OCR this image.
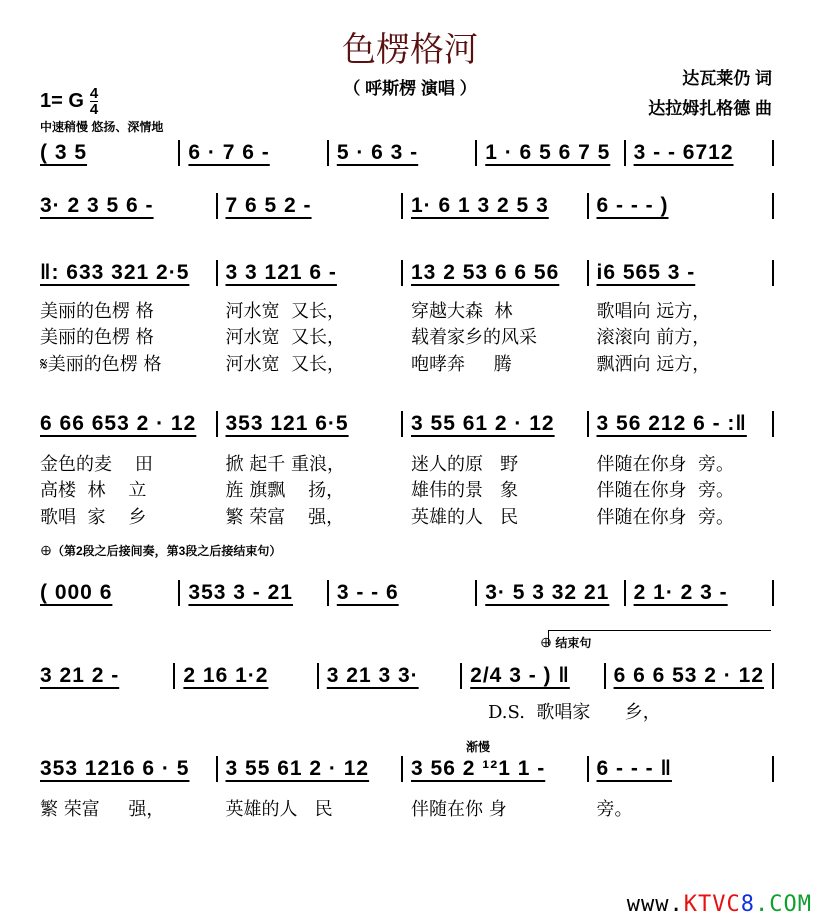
色楞格河
（ 呼斯楞 演唱 ）
达瓦莱仍 词
达拉姆扎格德 曲
1= G $\frac{4}{4}$
中速稍慢 悠扬、深情地
( 3 5	6 · 7 6 -	5 · 6 3 -	1 · 6 5 6 7 5 3 - - 6712
3· 2 3 5 6 -	7 6 5 2 -	1· 6 1 3 2 5 3	6 - - - )
‖: 633 321 2·5	3 3 121 6 -	13 2 53 6 6 56	i6 565 3 -
6 66 653 2 · 12	353 121 6·5	3 55 61 2 · 12	3 56 212 6 - :‖
( 000 6	353 3 - 21	3 - - 6	3· 5 3 32 21	2 1· 2 3 -
3 21 2 -	2 16 1·2	3 21 3 3·	2/4 3 - ) ‖	6 6 6 53 2 · 12
353 1216 6 · 5	3 55 61 2 · 12	3 56 2 ¹²1 1 -	6 - - - ‖
美丽的色楞 格	河水宽  又长，	穿越大森  林	歌唱向 远方，
美丽的色楞 格	河水宽  又长，	载着家乡的风采	滚滚向 前方，
𝄋美丽的色楞 格	河水宽  又长，	咆哮奔     腾	飘洒向 远方，
金色的麦    田	掀 起千 重浪，	迷人的原   野	伴随在你身  旁。
高楼  林    立	旌 旗飘    扬，	雄伟的景   象	伴随在你身  旁。
歌唱  家    乡	繁 荣富    强，	英雄的人   民	伴随在你身  旁。
⊕（第2段之后接间奏，第3段之后接结束句）
⊕ 结束句
D.S.  歌唱家      乡，
渐慢
繁 荣富     强，	英雄的人   民	伴随在你 身	旁。
www.KTVC8.COM
